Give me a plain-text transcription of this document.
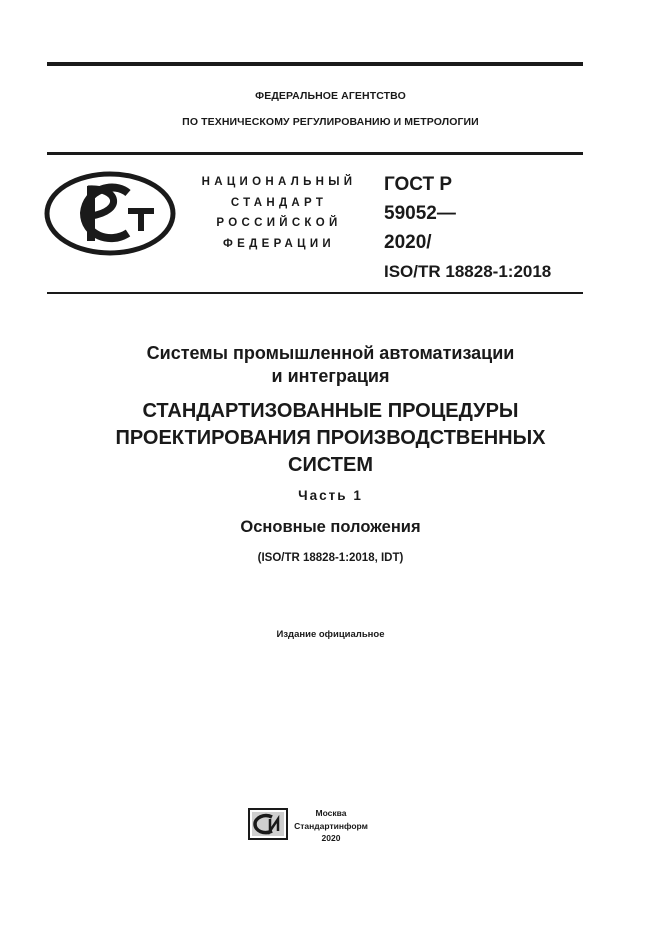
ФЕДЕРАЛЬНОЕ АГЕНТСТВО
ПО ТЕХНИЧЕСКОМУ РЕГУЛИРОВАНИЮ И МЕТРОЛОГИИ
НАЦИОНАЛЬНЫЙ
СТАНДАРТ
РОССИЙСКОЙ
ФЕДЕРАЦИИ
ГОСТ Р
59052—
2020/
ISO/TR 18828-1:2018
Системы промышленной автоматизации
и интеграция
СТАНДАРТИЗОВАННЫЕ ПРОЦЕДУРЫ
ПРОЕКТИРОВАНИЯ ПРОИЗВОДСТВЕННЫХ
СИСТЕМ
Часть 1
Основные положения
(ISO/TR 18828-1:2018, IDT)
Издание официальное
Москва
Стандартинформ
2020
